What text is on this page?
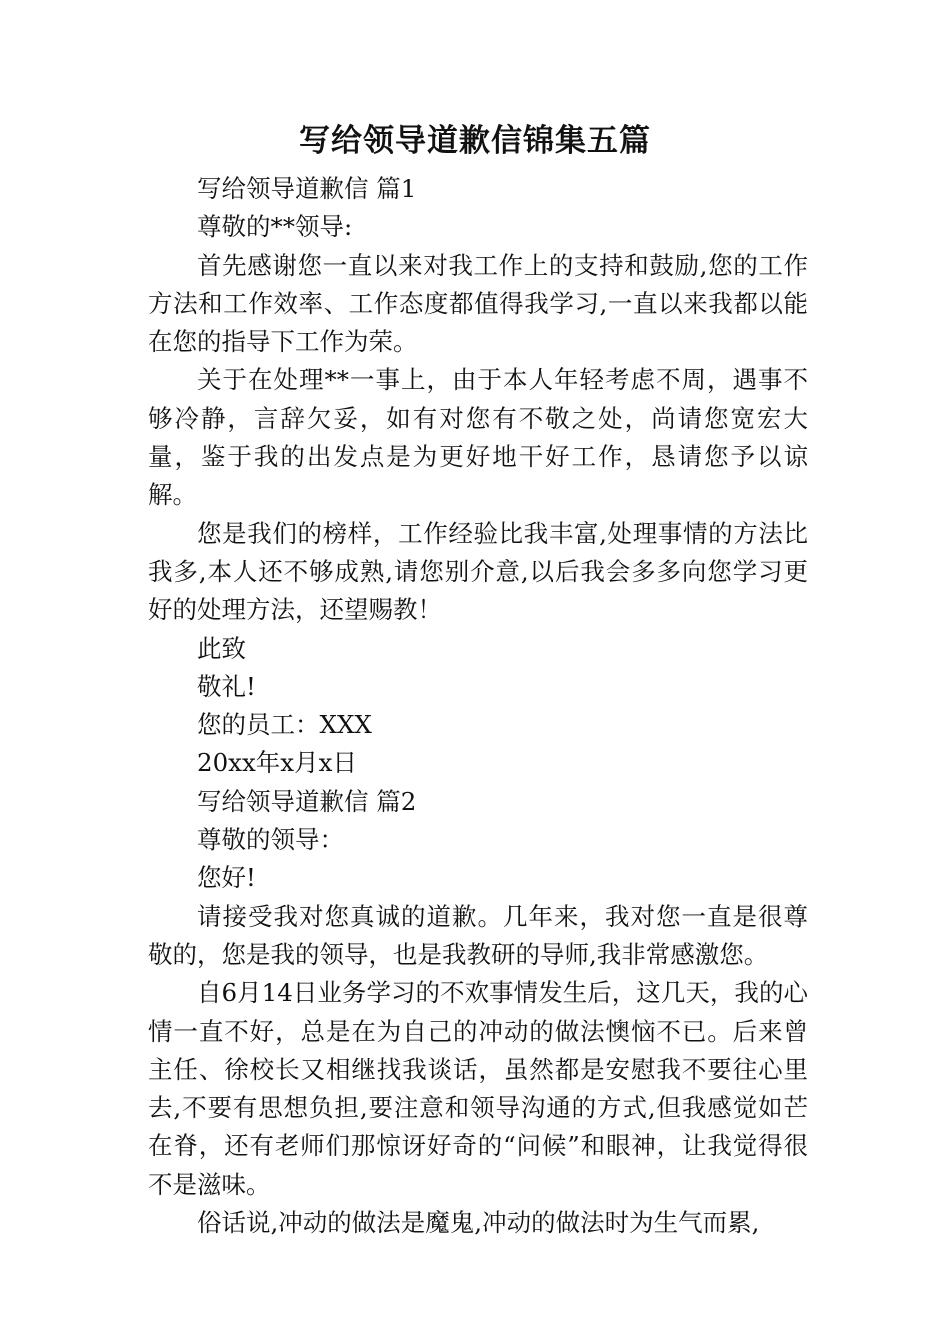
写给领导道歉信锦集五篇

写给领导道歉信 篇1

尊敬的**领导:

首先感谢您一直以来对我工作上的支持和鼓励,您的工作方法和工作效率、工作态度都值得我学习,一直以来我都以能在您的指导下工作为荣。

关于在处理**一事上，由于本人年轻考虑不周，遇事不够冷静，言辞欠妥，如有对您有不敬之处，尚请您宽宏大量，鉴于我的出发点是为更好地干好工作，恳请您予以谅解。

您是我们的榜样，工作经验比我丰富,处理事情的方法比我多,本人还不够成熟,请您别介意,以后我会多多向您学习更好的处理方法，还望赐教！

此致

敬礼!

您的员工：XXX

20xx年x月x日

写给领导道歉信 篇2

尊敬的领导：

您好!

请接受我对您真诚的道歉。几年来，我对您一直是很尊敬的，您是我的领导，也是我教研的导师,我非常感激您。

自6月14日业务学习的不欢事情发生后，这几天，我的心情一直不好，总是在为自己的冲动的做法懊恼不已。后来曾主任、徐校长又相继找我谈话，虽然都是安慰我不要往心里去,不要有思想负担,要注意和领导沟通的方式,但我感觉如芒在脊，还有老师们那惊讶好奇的“问候”和眼神，让我觉得很不是滋味。

俗话说,冲动的做法是魔鬼,冲动的做法时为生气而累,
